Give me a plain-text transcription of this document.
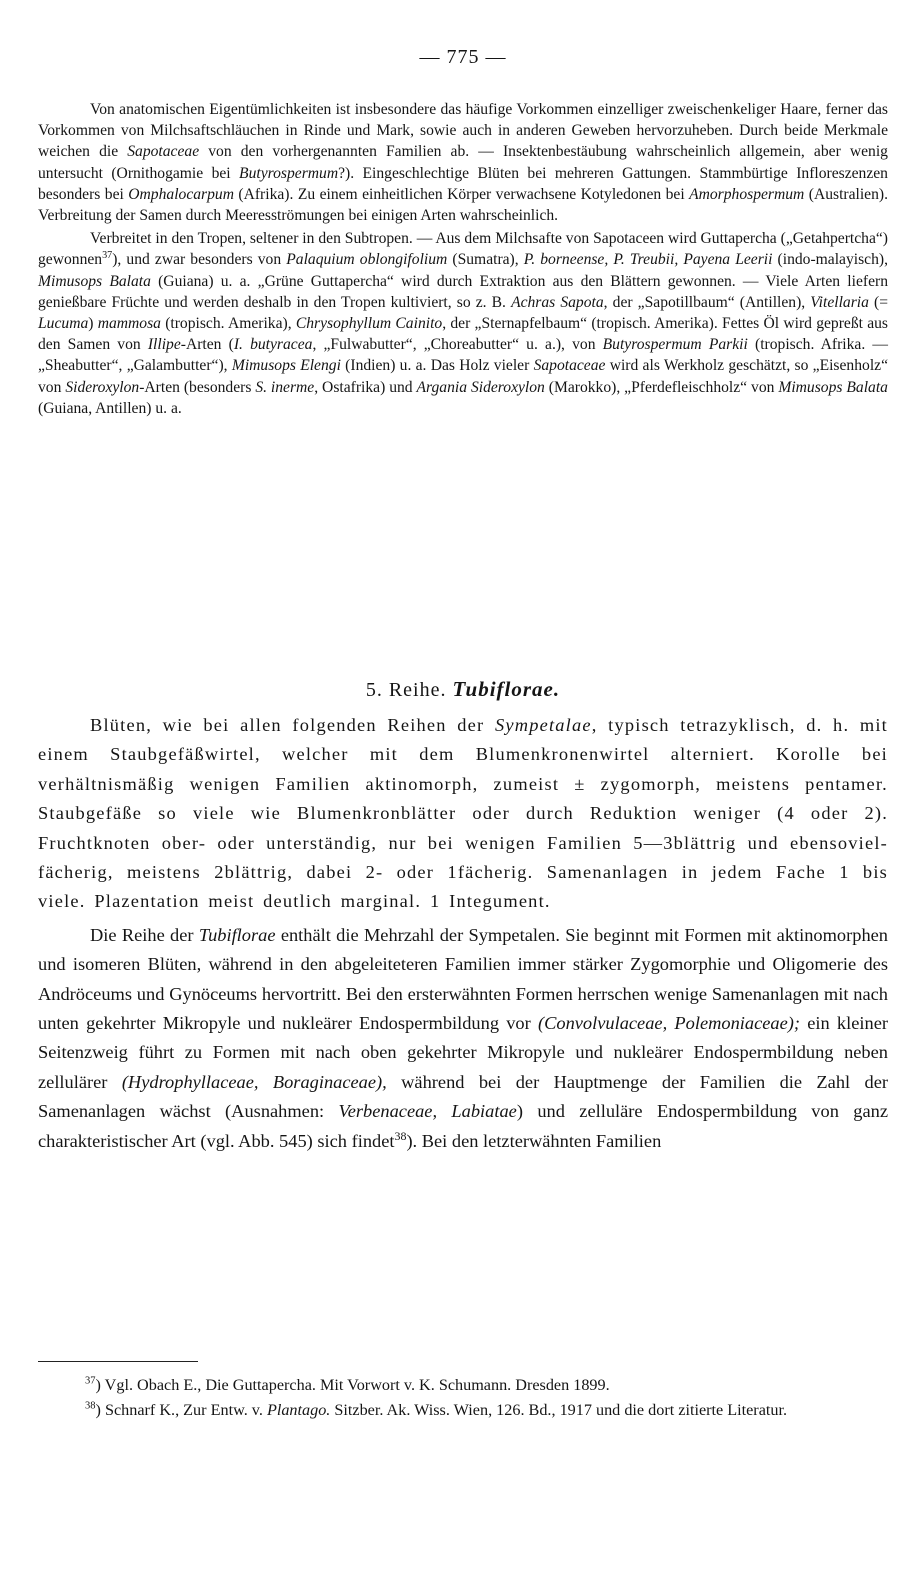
— 775 —

Von anatomischen Eigentümlichkeiten ist insbesondere das häufige Vorkommen einzelliger zweischenkeliger Haare, ferner das Vorkommen von Milchsaftschläuchen in Rinde und Mark, sowie auch in anderen Geweben hervorzuheben. Durch beide Merkmale weichen die Sapotaceae von den vorhergenannten Familien ab. — Insektenbestäubung wahrscheinlich allgemein, aber wenig untersucht (Ornithogamie bei Butyrospermum?). Eingeschlechtige Blüten bei mehreren Gattungen. Stammbürtige Infloreszenzen besonders bei Omphalocarpum (Afrika). Zu einem einheitlichen Körper verwachsene Kotyledonen bei Amorphospermum (Australien). Verbreitung der Samen durch Meeresströmungen bei einigen Arten wahrscheinlich.

Verbreitet in den Tropen, seltener in den Subtropen. — Aus dem Milchsafte von Sapotaceen wird Guttapercha („Getahpertcha“) gewonnen$^{37}$), und zwar besonders von Palaquium oblongifolium (Sumatra), P. borneense, P. Treubii, Payena Leerii (indo-malayisch), Mimusops Balata (Guiana) u. a. „Grüne Guttapercha“ wird durch Extraktion aus den Blättern gewonnen. — Viele Arten liefern genießbare Früchte und werden deshalb in den Tropen kultiviert, so z. B. Achras Sapota, der „Sapotillbaum“ (Antillen), Vitellaria (= Lucuma) mammosa (tropisch. Amerika), Chrysophyllum Cainito, der „Sternapfelbaum“ (tropisch. Amerika). Fettes Öl wird gepreßt aus den Samen von Illipe-Arten (I. butyracea, „Fulwabutter“, „Choreabutter“ u. a.), von Butyrospermum Parkii (tropisch. Afrika. — „Sheabutter“, „Galambutter“), Mimusops Elengi (Indien) u. a. Das Holz vieler Sapotaceae wird als Werkholz geschätzt, so „Eisenholz“ von Sideroxylon-Arten (besonders S. inerme, Ostafrika) und Argania Sideroxylon (Marokko), „Pferdefleischholz“ von Mimusops Balata (Guiana, Antillen) u. a.

5. Reihe. Tubiflorae.

Blüten, wie bei allen folgenden Reihen der Sympetalae, typisch tetrazyklisch, d. h. mit einem Staubgefäßwirtel, welcher mit dem Blumenkronenwirtel alterniert. Korolle bei verhältnismäßig wenigen Familien aktinomorph, zumeist ± zygomorph, meistens pentamer. Staubgefäße so viele wie Blumenkronblätter oder durch Reduktion weniger (4 oder 2). Fruchtknoten ober- oder unterständig, nur bei wenigen Familien 5—3blättrig und ebensoviel-fächerig, meistens 2blättrig, dabei 2- oder 1fächerig. Samenanlagen in jedem Fache 1 bis viele. Plazentation meist deutlich marginal. 1 Integument.

Die Reihe der Tubiflorae enthält die Mehrzahl der Sympetalen. Sie beginnt mit Formen mit aktinomorphen und isomeren Blüten, während in den abgeleiteteren Familien immer stärker Zygomorphie und Oligomerie des Andröceums und Gynöceums hervortritt. Bei den ersterwähnten Formen herrschen wenige Samenanlagen mit nach unten gekehrter Mikropyle und nukleärer Endospermbildung vor (Convolvulaceae, Polemoniaceae); ein kleiner Seitenzweig führt zu Formen mit nach oben gekehrter Mikropyle und nukleärer Endospermbildung neben zellulärer (Hydrophyllaceae, Boraginaceae), während bei der Hauptmenge der Familien die Zahl der Samenanlagen wächst (Ausnahmen: Verbenaceae, Labiatae) und zelluläre Endospermbildung von ganz charakteristischer Art (vgl. Abb. 545) sich findet$^{38}$). Bei den letzterwähnten Familien

$^{37}$) Vgl. Obach E., Die Guttapercha. Mit Vorwort v. K. Schumann. Dresden 1899.

$^{38}$) Schnarf K., Zur Entw. v. Plantago. Sitzber. Ak. Wiss. Wien, 126. Bd., 1917 und die dort zitierte Literatur.
